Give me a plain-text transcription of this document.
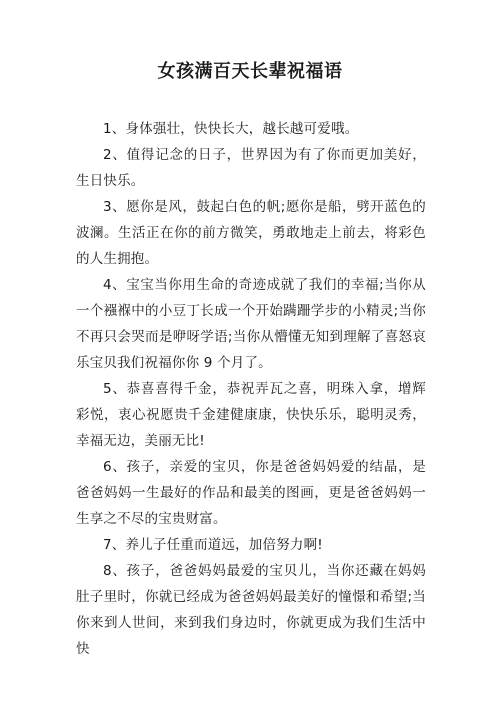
女孩满百天长辈祝福语

1、身体强壮，快快长大，越长越可爱哦。

2、值得记念的日子，世界因为有了你而更加美好，生日快乐。

3、愿你是风，鼓起白色的帆;愿你是船，劈开蓝色的波澜。生活正在你的前方微笑，勇敢地走上前去，将彩色的人生拥抱。

4、宝宝当你用生命的奇迹成就了我们的幸福;当你从一个襁褓中的小豆丁长成一个开始蹒跚学步的小精灵;当你不再只会哭而是咿呀学语;当你从懵懂无知到理解了喜怒哀乐宝贝我们祝福你你 9 个月了。

5、恭喜喜得千金，恭祝弄瓦之喜，明珠入拿，增辉彩悦，衷心祝愿贵千金建健康康，快快乐乐，聪明灵秀，幸福无边，美丽无比!

6、孩子，亲爱的宝贝，你是爸爸妈妈爱的结晶，是爸爸妈妈一生最好的作品和最美的图画，更是爸爸妈妈一生享之不尽的宝贵财富。

7、养儿子任重而道远，加倍努力啊!

8、孩子，爸爸妈妈最爱的宝贝儿，当你还藏在妈妈肚子里时，你就已经成为爸爸妈妈最美好的憧憬和希望;当你来到人世间，来到我们身边时，你就更成为我们生活中快
